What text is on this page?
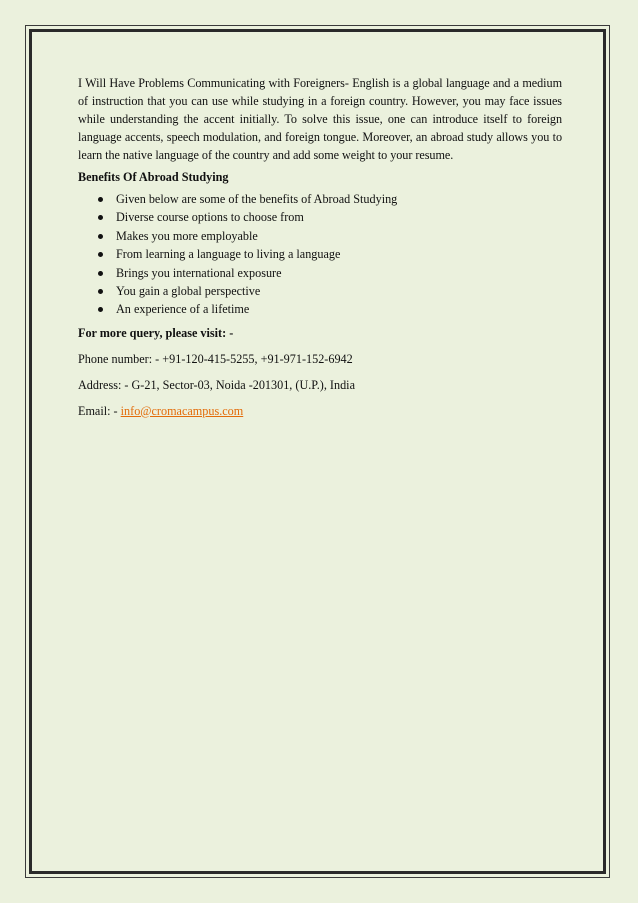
I Will Have Problems Communicating with Foreigners- English is a global language and a medium of instruction that you can use while studying in a foreign country. However, you may face issues while understanding the accent initially. To solve this issue, one can introduce itself to foreign language accents, speech modulation, and foreign tongue. Moreover, an abroad study allows you to learn the native language of the country and add some weight to your resume.

Benefits Of Abroad Studying
Given below are some of the benefits of Abroad Studying
Diverse course options to choose from
Makes you more employable
From learning a language to living a language
Brings you international exposure
You gain a global perspective
An experience of a lifetime
For more query, please visit: -
Phone number: - +91-120-415-5255, +91-971-152-6942
Address: - G-21, Sector-03, Noida -201301, (U.P.), India
Email: - info@cromacampus.com
